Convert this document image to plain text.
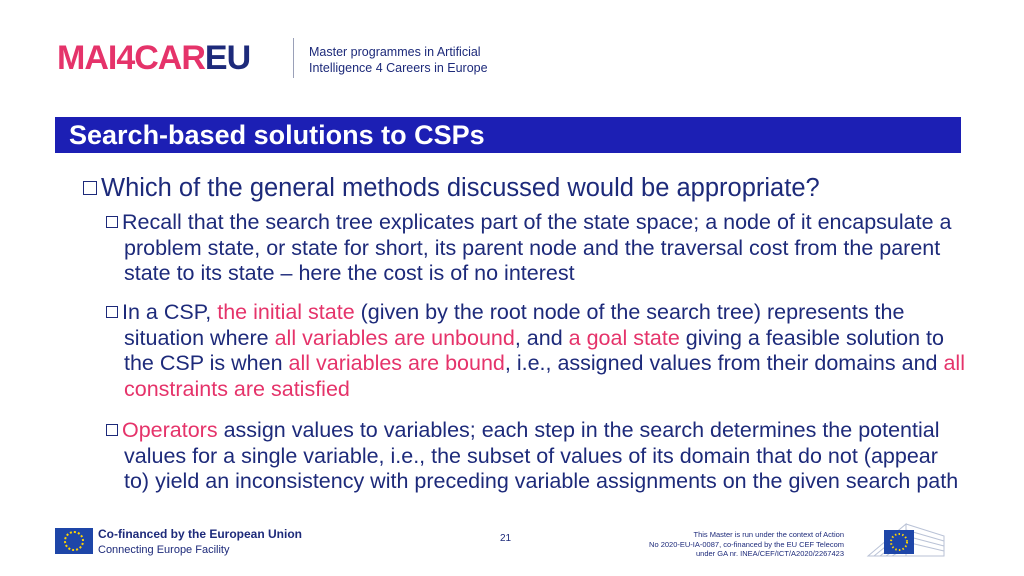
MAI4CAREU	Master programmes in Artificial
Intelligence 4 Careers in Europe
Search-based solutions to CSPs
Which of the general methods discussed would be appropriate?
Recall that the search tree explicates part of the state space; a node of it encapsulate a problem state, or state for short, its parent node and the traversal cost from the parent state to its state – here the cost is of no interest
In a CSP, the initial state (given by the root node of the search tree) represents the situation where all variables are unbound, and a goal state giving a feasible solution to the CSP is when all variables are bound, i.e., assigned values from their domains and all constraints are satisfied
Operators assign values to variables; each step in the search determines the potential values for a single variable, i.e., the subset of values of its domain that do not (appear to) yield an inconsistency with preceding variable assignments on the given search path
Co-financed by the European Union
Connecting Europe Facility
21	This Master is run under the context of Action
No 2020-EU-IA-0087, co-financed by the EU CEF Telecom
under GA nr. INEA/CEF/ICT/A2020/2267423
